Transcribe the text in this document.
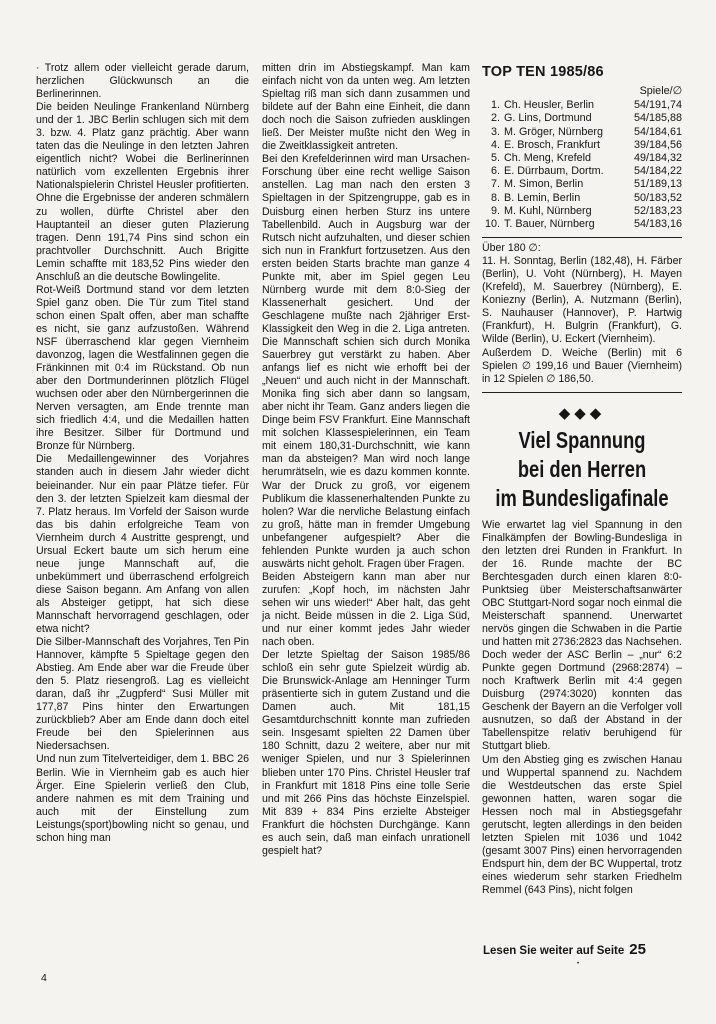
· Trotz allem oder vielleicht gerade darum, herzlichen Glückwunsch an die Berlinerinnen.

Die beiden Neulinge Frankenland Nürnberg und der 1. JBC Berlin schlugen sich mit dem 3. bzw. 4. Platz ganz prächtig. Aber wann taten das die Neulinge in den letzten Jahren eigentlich nicht? Wobei die Berlinerinnen natürlich vom exzellenten Ergebnis ihrer Nationalspielerin Christel Heusler profitierten. Ohne die Ergebnisse der anderen schmälern zu wollen, dürfte Christel aber den Hauptanteil an dieser guten Plazierung tragen. Denn 191,74 Pins sind schon ein prachtvoller Durchschnitt. Auch Brigitte Lemin schaffte mit 183,52 Pins wieder den Anschluß an die deutsche Bowlingelite.

Rot-Weiß Dortmund stand vor dem letzten Spiel ganz oben. Die Tür zum Titel stand schon einen Spalt offen, aber man schaffte es nicht, sie ganz aufzustoßen. Während NSF überraschend klar gegen Viernheim davonzog, lagen die Westfalinnen gegen die Fränkinnen mit 0:4 im Rückstand. Ob nun aber den Dortmunderinnen plötzlich Flügel wuchsen oder aber den Nürnbergerinnen die Nerven versagten, am Ende trennte man sich friedlich 4:4, und die Medaillen hatten ihre Besitzer. Silber für Dortmund und Bronze für Nürnberg.

Die Medaillengewinner des Vorjahres standen auch in diesem Jahr wieder dicht beieinander. Nur ein paar Plätze tiefer. Für den 3. der letzten Spielzeit kam diesmal der 7. Platz heraus. Im Vorfeld der Saison wurde das bis dahin erfolgreiche Team von Viernheim durch 4 Austritte gesprengt, und Ursual Eckert baute um sich herum eine neue junge Mannschaft auf, die unbekümmert und überraschend erfolgreich diese Saison begann. Am Anfang von allen als Absteiger getippt, hat sich diese Mannschaft hervorragend geschlagen, oder etwa nicht?

Die Silber-Mannschaft des Vorjahres, Ten Pin Hannover, kämpfte 5 Spieltage gegen den Abstieg. Am Ende aber war die Freude über den 5. Platz riesengroß. Lag es vielleicht daran, daß ihr „Zugpferd“ Susi Müller mit 177,87 Pins hinter den Erwartungen zurückblieb? Aber am Ende dann doch eitel Freude bei den Spielerinnen aus Niedersachsen.

Und nun zum Titelverteidiger, dem 1. BBC 26 Berlin. Wie in Viernheim gab es auch hier Ärger. Eine Spielerin verließ den Club, andere nahmen es mit dem Training und auch mit der Einstellung zum Leistungs(sport)bowling nicht so genau, und schon hing man

mitten drin im Abstiegskampf. Man kam einfach nicht von da unten weg. Am letzten Spieltag riß man sich dann zusammen und bildete auf der Bahn eine Einheit, die dann doch noch die Saison zufrieden ausklingen ließ. Der Meister mußte nicht den Weg in die Zweitklassigkeit antreten.

Bei den Krefelderinnen wird man Ursachen-Forschung über eine recht wellige Saison anstellen. Lag man nach den ersten 3 Spieltagen in der Spitzengruppe, gab es in Duisburg einen herben Sturz ins untere Tabellenbild. Auch in Augsburg war der Rutsch nicht aufzuhalten, und dieser schien sich nun in Frankfurt fortzusetzen. Aus den ersten beiden Starts brachte man ganze 4 Punkte mit, aber im Spiel gegen Leu Nürnberg wurde mit dem 8:0-Sieg der Klassenerhalt gesichert. Und der Geschlagene mußte nach 2jähriger Erst-Klassigkeit den Weg in die 2. Liga antreten. Die Mannschaft schien sich durch Monika Sauerbrey gut verstärkt zu haben. Aber anfangs lief es nicht wie erhofft bei der „Neuen“ und auch nicht in der Mannschaft. Monika fing sich aber dann so langsam, aber nicht ihr Team. Ganz anders liegen die Dinge beim FSV Frankfurt. Eine Mannschaft mit solchen Klassespielerinnen, ein Team mit einem 180,31-Durchschnitt, wie kann man da absteigen? Man wird noch lange herumrätseln, wie es dazu kommen konnte. War der Druck zu groß, vor eigenem Publikum die klassenerhaltenden Punkte zu holen? War die nervliche Belastung einfach zu groß, hätte man in fremder Umgebung unbefangener aufgespielt? Aber die fehlenden Punkte wurden ja auch schon auswärts nicht geholt. Fragen über Fragen.

Beiden Absteigern kann man aber nur zurufen: „Kopf hoch, im nächsten Jahr sehen wir uns wieder!“ Aber halt, das geht ja nicht. Beide müssen in die 2. Liga Süd, und nur einer kommt jedes Jahr wieder nach oben.

Der letzte Spieltag der Saison 1985/86 schloß ein sehr gute Spielzeit würdig ab. Die Brunswick-Anlage am Henninger Turm präsentierte sich in gutem Zustand und die Damen auch. Mit 181,15 Gesamtdurchschnitt konnte man zufrieden sein. Insgesamt spielten 22 Damen über 180 Schnitt, dazu 2 weitere, aber nur mit weniger Spielen, und nur 3 Spielerinnen blieben unter 170 Pins. Christel Heusler traf in Frankfurt mit 1818 Pins eine tolle Serie und mit 266 Pins das höchste Einzelspiel. Mit 839 + 834 Pins erzielte Absteiger Frankfurt die höchsten Durchgänge. Kann es auch sein, daß man einfach unrationell gespielt hat?

TOP TEN 1985/86
Spiele/∅
1.	Ch. Heusler, Berlin	54/191,74
2.	G. Lins, Dortmund	54/185,88
3.	M. Gröger, Nürnberg	54/184,61
4.	E. Brosch, Frankfurt	39/184,56
5.	Ch. Meng, Krefeld	49/184,32
6.	E. Dürrbaum, Dortm.	54/184,22
7.	M. Simon, Berlin	51/189,13
8.	B. Lemin, Berlin	50/183,52
9.	M. Kuhl, Nürnberg	52/183,23
10.	T. Bauer, Nürnberg	54/183,16

Über 180 ∅:

11. H. Sonntag, Berlin (182,48), H. Färber (Berlin), U. Voht (Nürnberg), H. Mayen (Krefeld), M. Sauerbrey (Nürnberg), E. Koniezny (Berlin), A. Nutzmann (Berlin), S. Nauhauser (Hannover), P. Hartwig (Frankfurt), H. Bulgrin (Frankfurt), G. Wilde (Berlin), U. Eckert (Viernheim).

Außerdem D. Weiche (Berlin) mit 6 Spielen ∅ 199,16 und Bauer (Viernheim) in 12 Spielen ∅ 186,50.

◆◆◆
Viel Spannung
bei den Herren
im Bundesligafinale

Wie erwartet lag viel Spannung in den Finalkämpfen der Bowling-Bundesliga in den letzten drei Runden in Frankfurt. In der 16. Runde machte der BC Berchtesgaden durch einen klaren 8:0-Punktsieg über Meisterschaftsanwärter OBC Stuttgart-Nord sogar noch einmal die Meisterschaft spannend. Unerwartet nervös gingen die Schwaben in die Partie und hatten mit 2736:2823 das Nachsehen. Doch weder der ASC Berlin – „nur“ 6:2 Punkte gegen Dortmund (2968:2874) – noch Kraftwerk Berlin mit 4:4 gegen Duisburg (2974:3020) konnten das Geschenk der Bayern an die Verfolger voll ausnutzen, so daß der Abstand in der Tabellenspitze relativ beruhigend für Stuttgart blieb.

Um den Abstieg ging es zwischen Hanau und Wuppertal spannend zu. Nachdem die Westdeutschen das erste Spiel gewonnen hatten, waren sogar die Hessen noch mal in Abstiegsgefahr gerutscht, legten allerdings in den beiden letzten Spielen mit 1036 und 1042 (gesamt 3007 Pins) einen hervorragenden Endspurt hin, dem der BC Wuppertal, trotz eines wiederum sehr starken Friedhelm Remmel (643 Pins), nicht folgen

Lesen Sie weiter auf Seite 25
•
4
